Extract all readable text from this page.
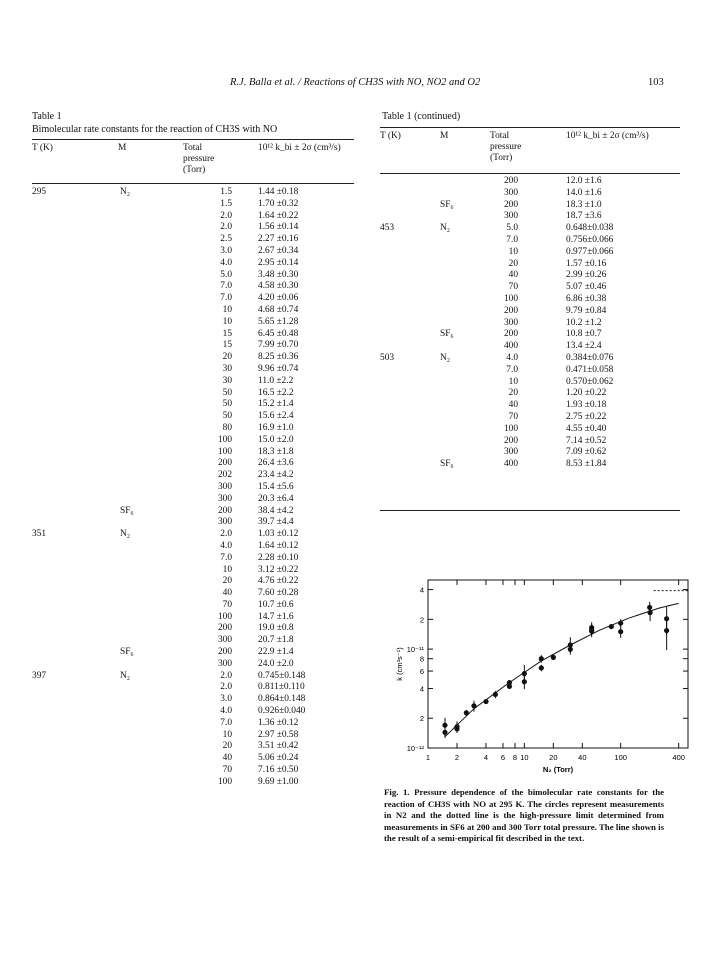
R.J. Balla et al. / Reactions of CH3S with NO, NO2 and O2	103
Table 1
Bimolecular rate constants for the reaction of CH3S with NO
T (K)	M	Total pressure (Torr)
10¹² k_bi ± 2σ (cm³/s)
295	N₂	1.5	1.44 ±0.18
1.5	1.70 ±0.32
2.0	1.64 ±0.22
2.0	1.56 ±0.14
2.5	2.27 ±0.16
3.0	2.67 ±0.34
4.0	2.95 ±0.14
5.0	3.48 ±0.30
7.0	4.58 ±0.30
7.0	4.20 ±0.06
10	4.68 ±0.74
10	5.65 ±1.28
15	6.45 ±0.48
15	7.99 ±0.70
20	8.25 ±0.36
30	9.96 ±0.74
30	11.0 ±2.2
50	16.5 ±2.2
50	15.2 ±1.4
50	15.6 ±2.4
80	16.9 ±1.0
100	15.0 ±2.0
100	18.3 ±1.8
200	26.4 ±3.6
202	23.4 ±4.2
300	15.4 ±5.6
300	20.3 ±6.4
SF₆	200	38.4 ±4.2
300	39.7 ±4.4
351	N₂	2.0	1.03 ±0.12
4.0	1.64 ±0.12
7.0	2.28 ±0.10
10	3.12 ±0.22
20	4.76 ±0.22
40	7.60 ±0.28
70	10.7 ±0.6
100	14.7 ±1.6
200	19.0 ±0.8
300	20.7 ±1.8
SF₆	200	22.9 ±1.4
300	24.0 ±2.0
397	N₂	2.0	0.745±0.148
2.0	0.811±0.110
3.0	0.864±0.148
4.0	0.926±0.040
7.0	1.36 ±0.12
10	2.97 ±0.58
20	3.51 ±0.42
40	5.06 ±0.24
70	7.16 ±0.50
100	9.69 ±1.00
Table 1 (continued)
T (K)	M	Total pressure (Torr)
10¹² k_bi ± 2σ (cm³/s)
200	12.0 ±1.6
300	14.0 ±1.6
SF₆	200	18.3 ±1.0
300	18.7 ±3.6
453	N₂	5.0	0.648±0.038
7.0	0.756±0.066
10	0.977±0.066
20	1.57 ±0.16
40	2.99 ±0.26
70	5.07 ±0.46
100	6.86 ±0.38
200	9.79 ±0.84
300	10.2 ±1.2
SF₆	200	10.8 ±0.7
400	13.4 ±2.4
503	N₂	4.0	0.384±0.076
7.0	0.471±0.058
10	0.570±0.062
20	1.20 ±0.22
40	1.93 ±0.18
70	2.75 ±0.22
100	4.55 ±0.40
200	7.14 ±0.52
300	7.09 ±0.62
SF₆	400	8.53 ±1.84
1	2	4 6 8 10	20	40	100	400
10⁻¹²
2
4
6
8
10⁻¹¹
2
4
N₂ (Torr)
k (cm³s⁻¹)
Fig. 1. Pressure dependence of the bimolecular rate constants for the reaction of CH3S with NO at 295 K. The circles represent measurements in N2 and the dotted line is the high-pressure limit determined from measurements in SF6 at 200 and 300 Torr total pressure. The line shown is the result of a semi-empirical fit described in the text.
